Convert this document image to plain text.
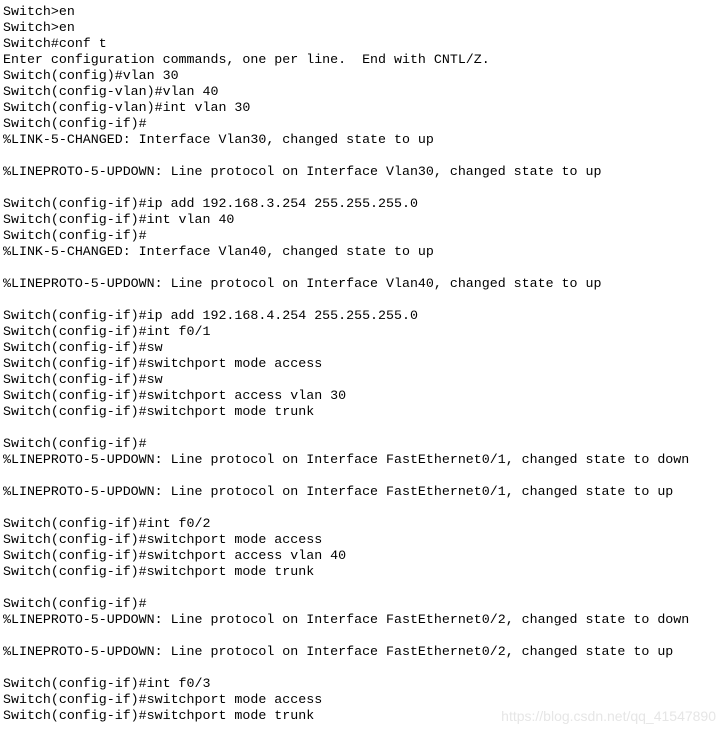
Switch>en
Switch>en
Switch#conf t
Enter configuration commands, one per line.  End with CNTL/Z.
Switch(config)#vlan 30
Switch(config-vlan)#vlan 40
Switch(config-vlan)#int vlan 30
Switch(config-if)#
%LINK-5-CHANGED: Interface Vlan30, changed state to up
%LINEPROTO-5-UPDOWN: Line protocol on Interface Vlan30, changed state to up
Switch(config-if)#ip add 192.168.3.254 255.255.255.0
Switch(config-if)#int vlan 40
Switch(config-if)#
%LINK-5-CHANGED: Interface Vlan40, changed state to up
%LINEPROTO-5-UPDOWN: Line protocol on Interface Vlan40, changed state to up
Switch(config-if)#ip add 192.168.4.254 255.255.255.0
Switch(config-if)#int f0/1
Switch(config-if)#sw
Switch(config-if)#switchport mode access
Switch(config-if)#sw
Switch(config-if)#switchport access vlan 30
Switch(config-if)#switchport mode trunk
Switch(config-if)#
%LINEPROTO-5-UPDOWN: Line protocol on Interface FastEthernet0/1, changed state to down
%LINEPROTO-5-UPDOWN: Line protocol on Interface FastEthernet0/1, changed state to up
Switch(config-if)#int f0/2
Switch(config-if)#switchport mode access
Switch(config-if)#switchport access vlan 40
Switch(config-if)#switchport mode trunk
Switch(config-if)#
%LINEPROTO-5-UPDOWN: Line protocol on Interface FastEthernet0/2, changed state to down
%LINEPROTO-5-UPDOWN: Line protocol on Interface FastEthernet0/2, changed state to up
Switch(config-if)#int f0/3
Switch(config-if)#switchport mode access
Switch(config-if)#switchport mode trunk	https://blog.csdn.net/qq_41547890
